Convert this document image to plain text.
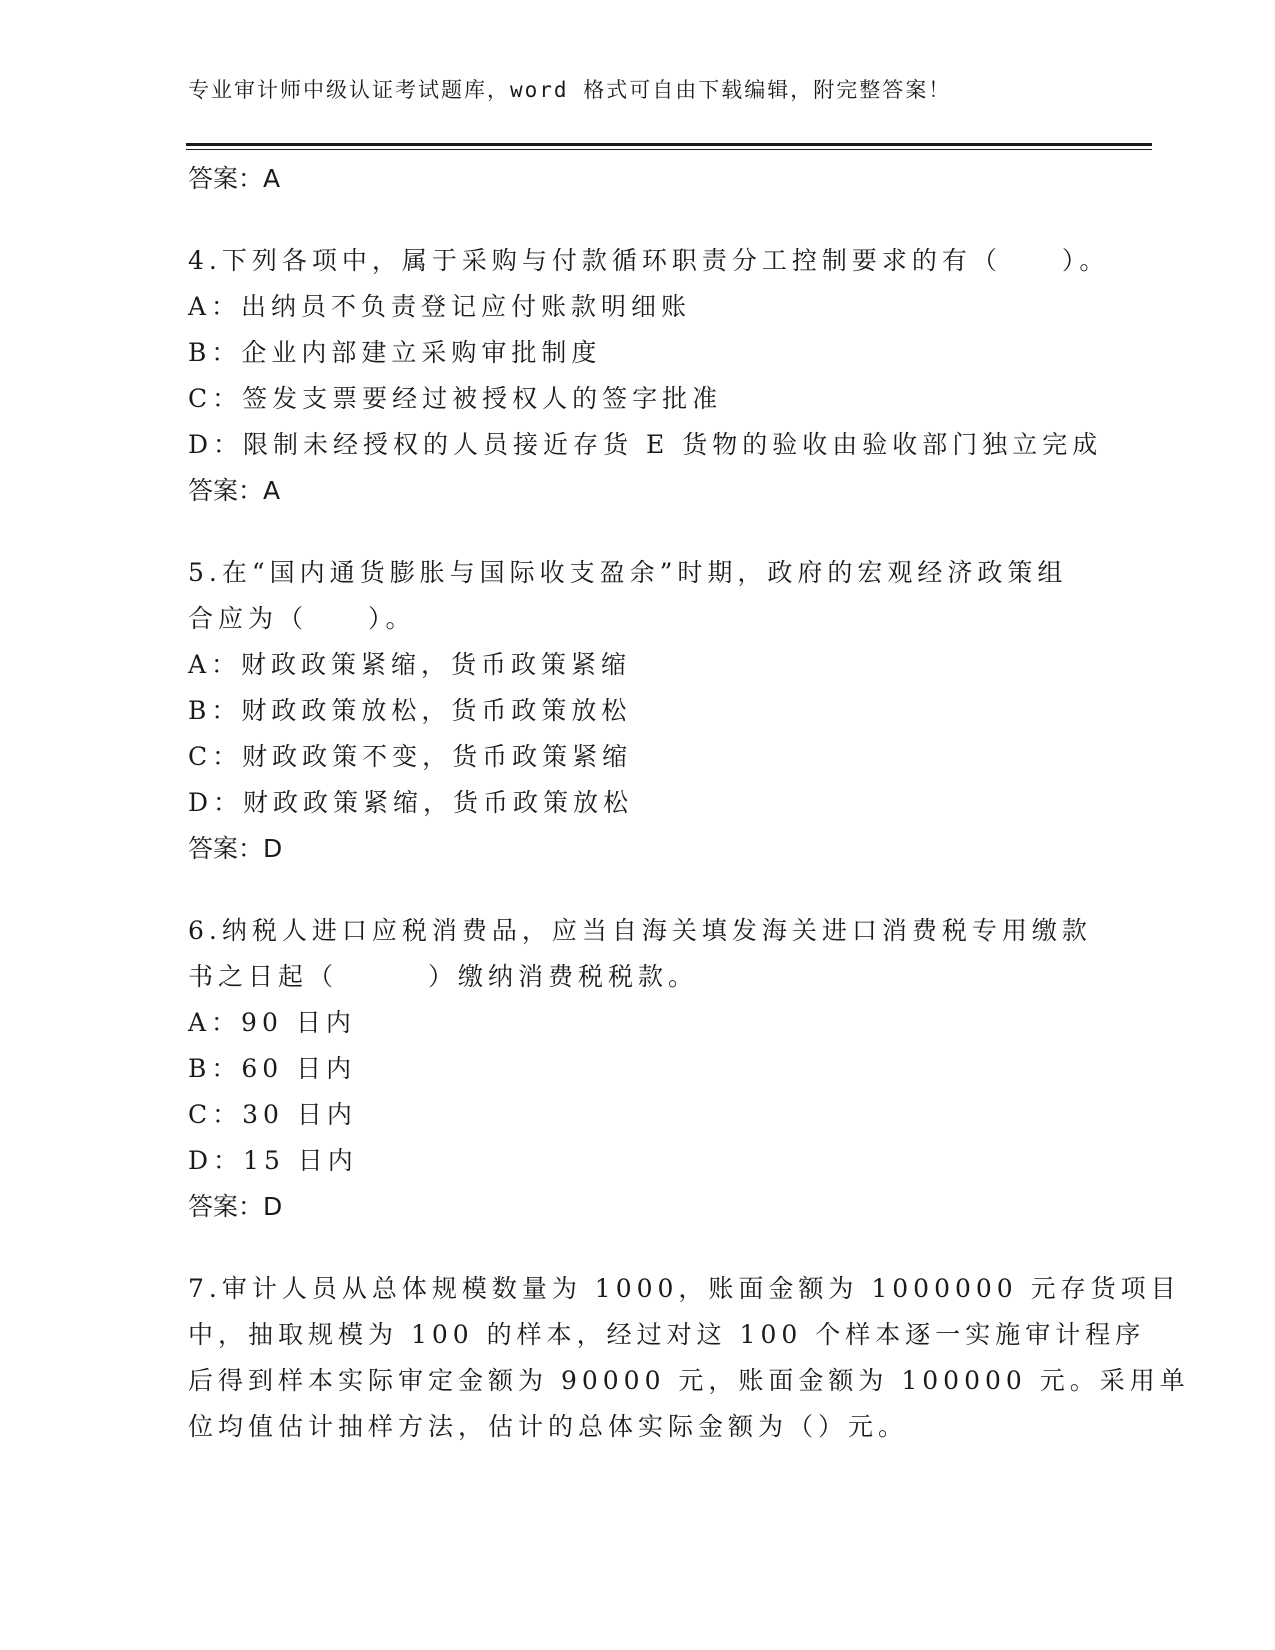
专业审计师中级认证考试题库，word 格式可自由下载编辑，附完整答案！
答案：A
4.下列各项中，属于采购与付款循环职责分工控制要求的有（　　）。
A：出纳员不负责登记应付账款明细账
B：企业内部建立采购审批制度
C：签发支票要经过被授权人的签字批准
D：限制未经授权的人员接近存货 E 货物的验收由验收部门独立完成
答案：A
5.在“国内通货膨胀与国际收支盈余”时期，政府的宏观经济政策组
合应为（　　）。
A：财政政策紧缩，货币政策紧缩
B：财政政策放松，货币政策放松
C：财政政策不变，货币政策紧缩
D：财政政策紧缩，货币政策放松
答案：D
6.纳税人进口应税消费品，应当自海关填发海关进口消费税专用缴款
书之日起（　　　）缴纳消费税税款。
A：90 日内
B：60 日内
C：30 日内
D：15 日内
答案：D
7.审计人员从总体规模数量为 1000，账面金额为 1000000 元存货项目
中，抽取规模为 100 的样本，经过对这 100 个样本逐一实施审计程序
后得到样本实际审定金额为 90000 元，账面金额为 100000 元。采用单
位均值估计抽样方法，估计的总体实际金额为（）元。
